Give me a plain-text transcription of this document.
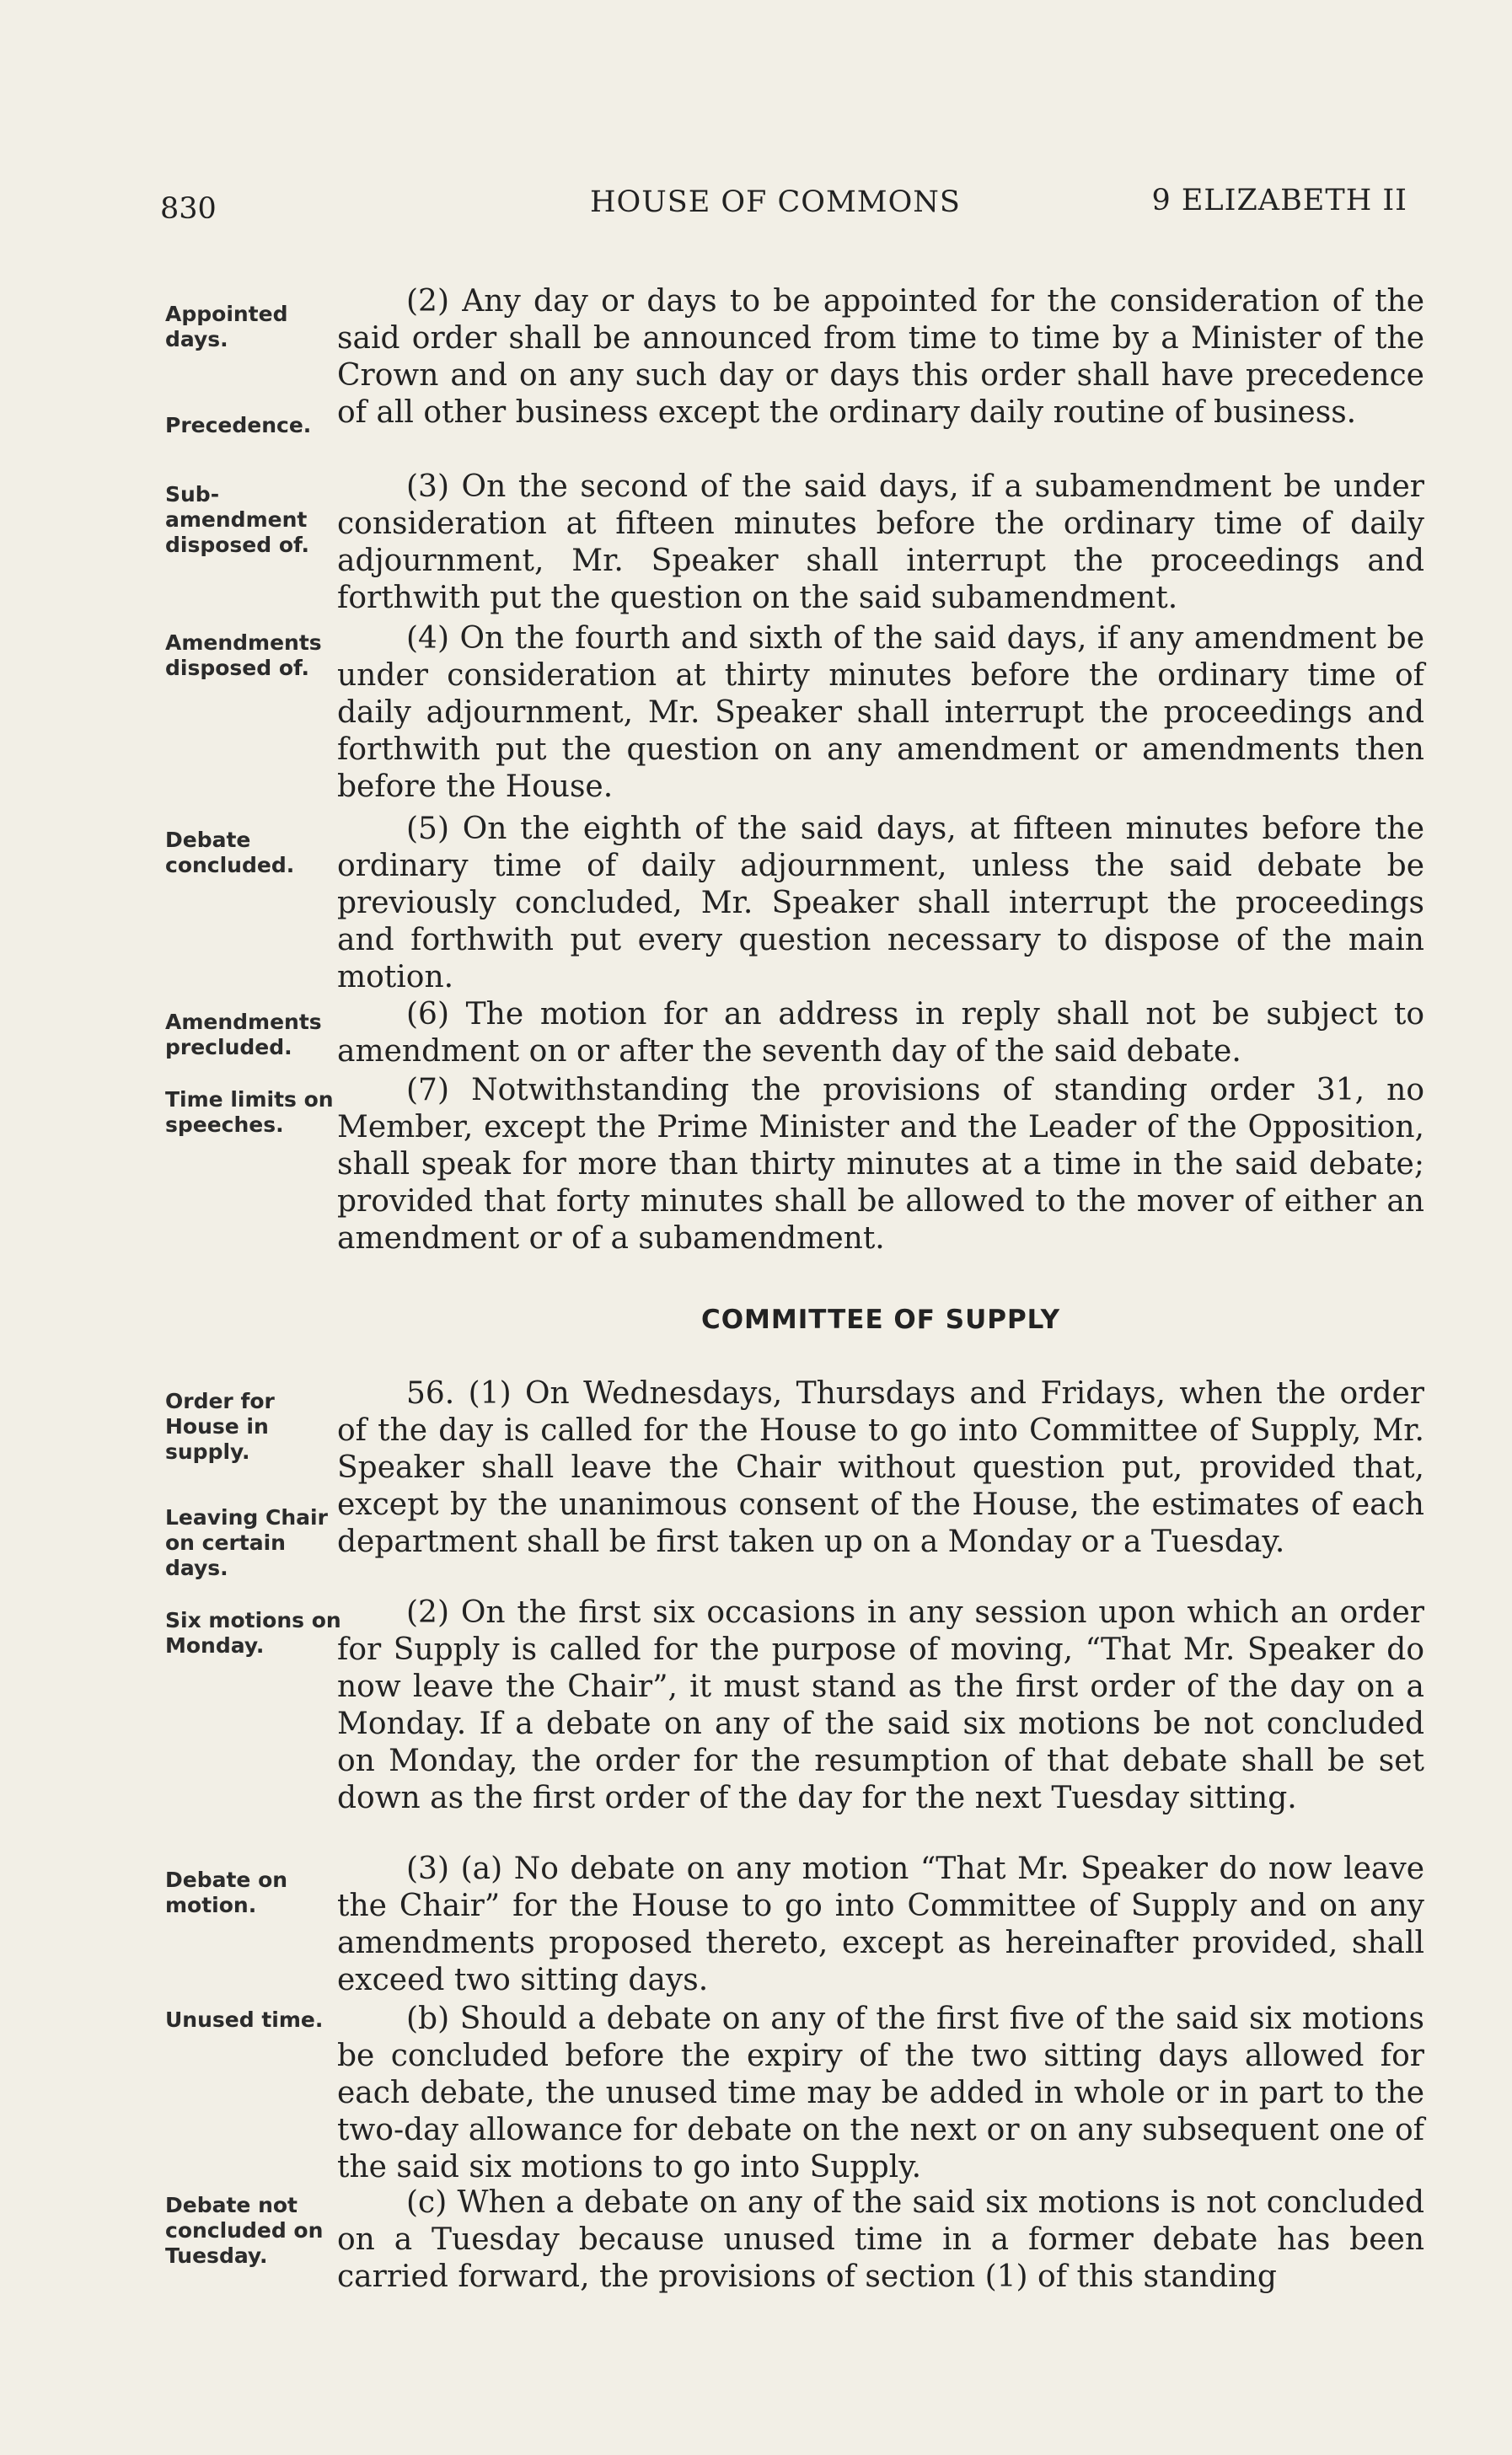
830	HOUSE OF COMMONS	9 ELIZABETH II
Appointed days.
Precedence.
Sub-amendment disposed of.
Amendments disposed of.
Debate concluded.
Amendments precluded.
Time limits on speeches.
Order for House in supply.
Leaving Chair on certain days.
Six motions on Monday.
Debate on motion.
Unused time.
Debate not concluded on Tuesday.
(2) Any day or days to be appointed for the consideration of the said order shall be announced from time to time by a Minister of the Crown and on any such day or days this order shall have precedence of all other business except the ordinary daily routine of business.
(3) On the second of the said days, if a subamendment be under consideration at fifteen minutes before the ordinary time of daily adjournment, Mr. Speaker shall interrupt the proceedings and forthwith put the question on the said subamendment.
(4) On the fourth and sixth of the said days, if any amendment be under consideration at thirty minutes before the ordinary time of daily adjournment, Mr. Speaker shall interrupt the proceedings and forthwith put the question on any amendment or amendments then before the House.
(5) On the eighth of the said days, at fifteen minutes before the ordinary time of daily adjournment, unless the said debate be previously concluded, Mr. Speaker shall interrupt the proceedings and forthwith put every question necessary to dispose of the main motion.
(6) The motion for an address in reply shall not be subject to amendment on or after the seventh day of the said debate.
(7) Notwithstanding the provisions of standing order 31, no Member, except the Prime Minister and the Leader of the Opposition, shall speak for more than thirty minutes at a time in the said debate; provided that forty minutes shall be allowed to the mover of either an amendment or of a subamendment.
COMMITTEE OF SUPPLY
56. (1) On Wednesdays, Thursdays and Fridays, when the order of the day is called for the House to go into Committee of Supply, Mr. Speaker shall leave the Chair without question put, provided that, except by the unanimous consent of the House, the estimates of each department shall be first taken up on a Monday or a Tuesday.
(2) On the first six occasions in any session upon which an order for Supply is called for the purpose of moving, “That Mr. Speaker do now leave the Chair”, it must stand as the first order of the day on a Monday. If a debate on any of the said six motions be not concluded on Monday, the order for the resumption of that debate shall be set down as the first order of the day for the next Tuesday sitting.
(3) (a) No debate on any motion “That Mr. Speaker do now leave the Chair” for the House to go into Committee of Supply and on any amendments proposed thereto, except as hereinafter provided, shall exceed two sitting days.
(b) Should a debate on any of the first five of the said six motions be concluded before the expiry of the two sitting days allowed for each debate, the unused time may be added in whole or in part to the two-day allowance for debate on the next or on any subsequent one of the said six motions to go into Supply.
(c) When a debate on any of the said six motions is not concluded on a Tuesday because unused time in a former debate has been carried forward, the provisions of section (1) of this standing
